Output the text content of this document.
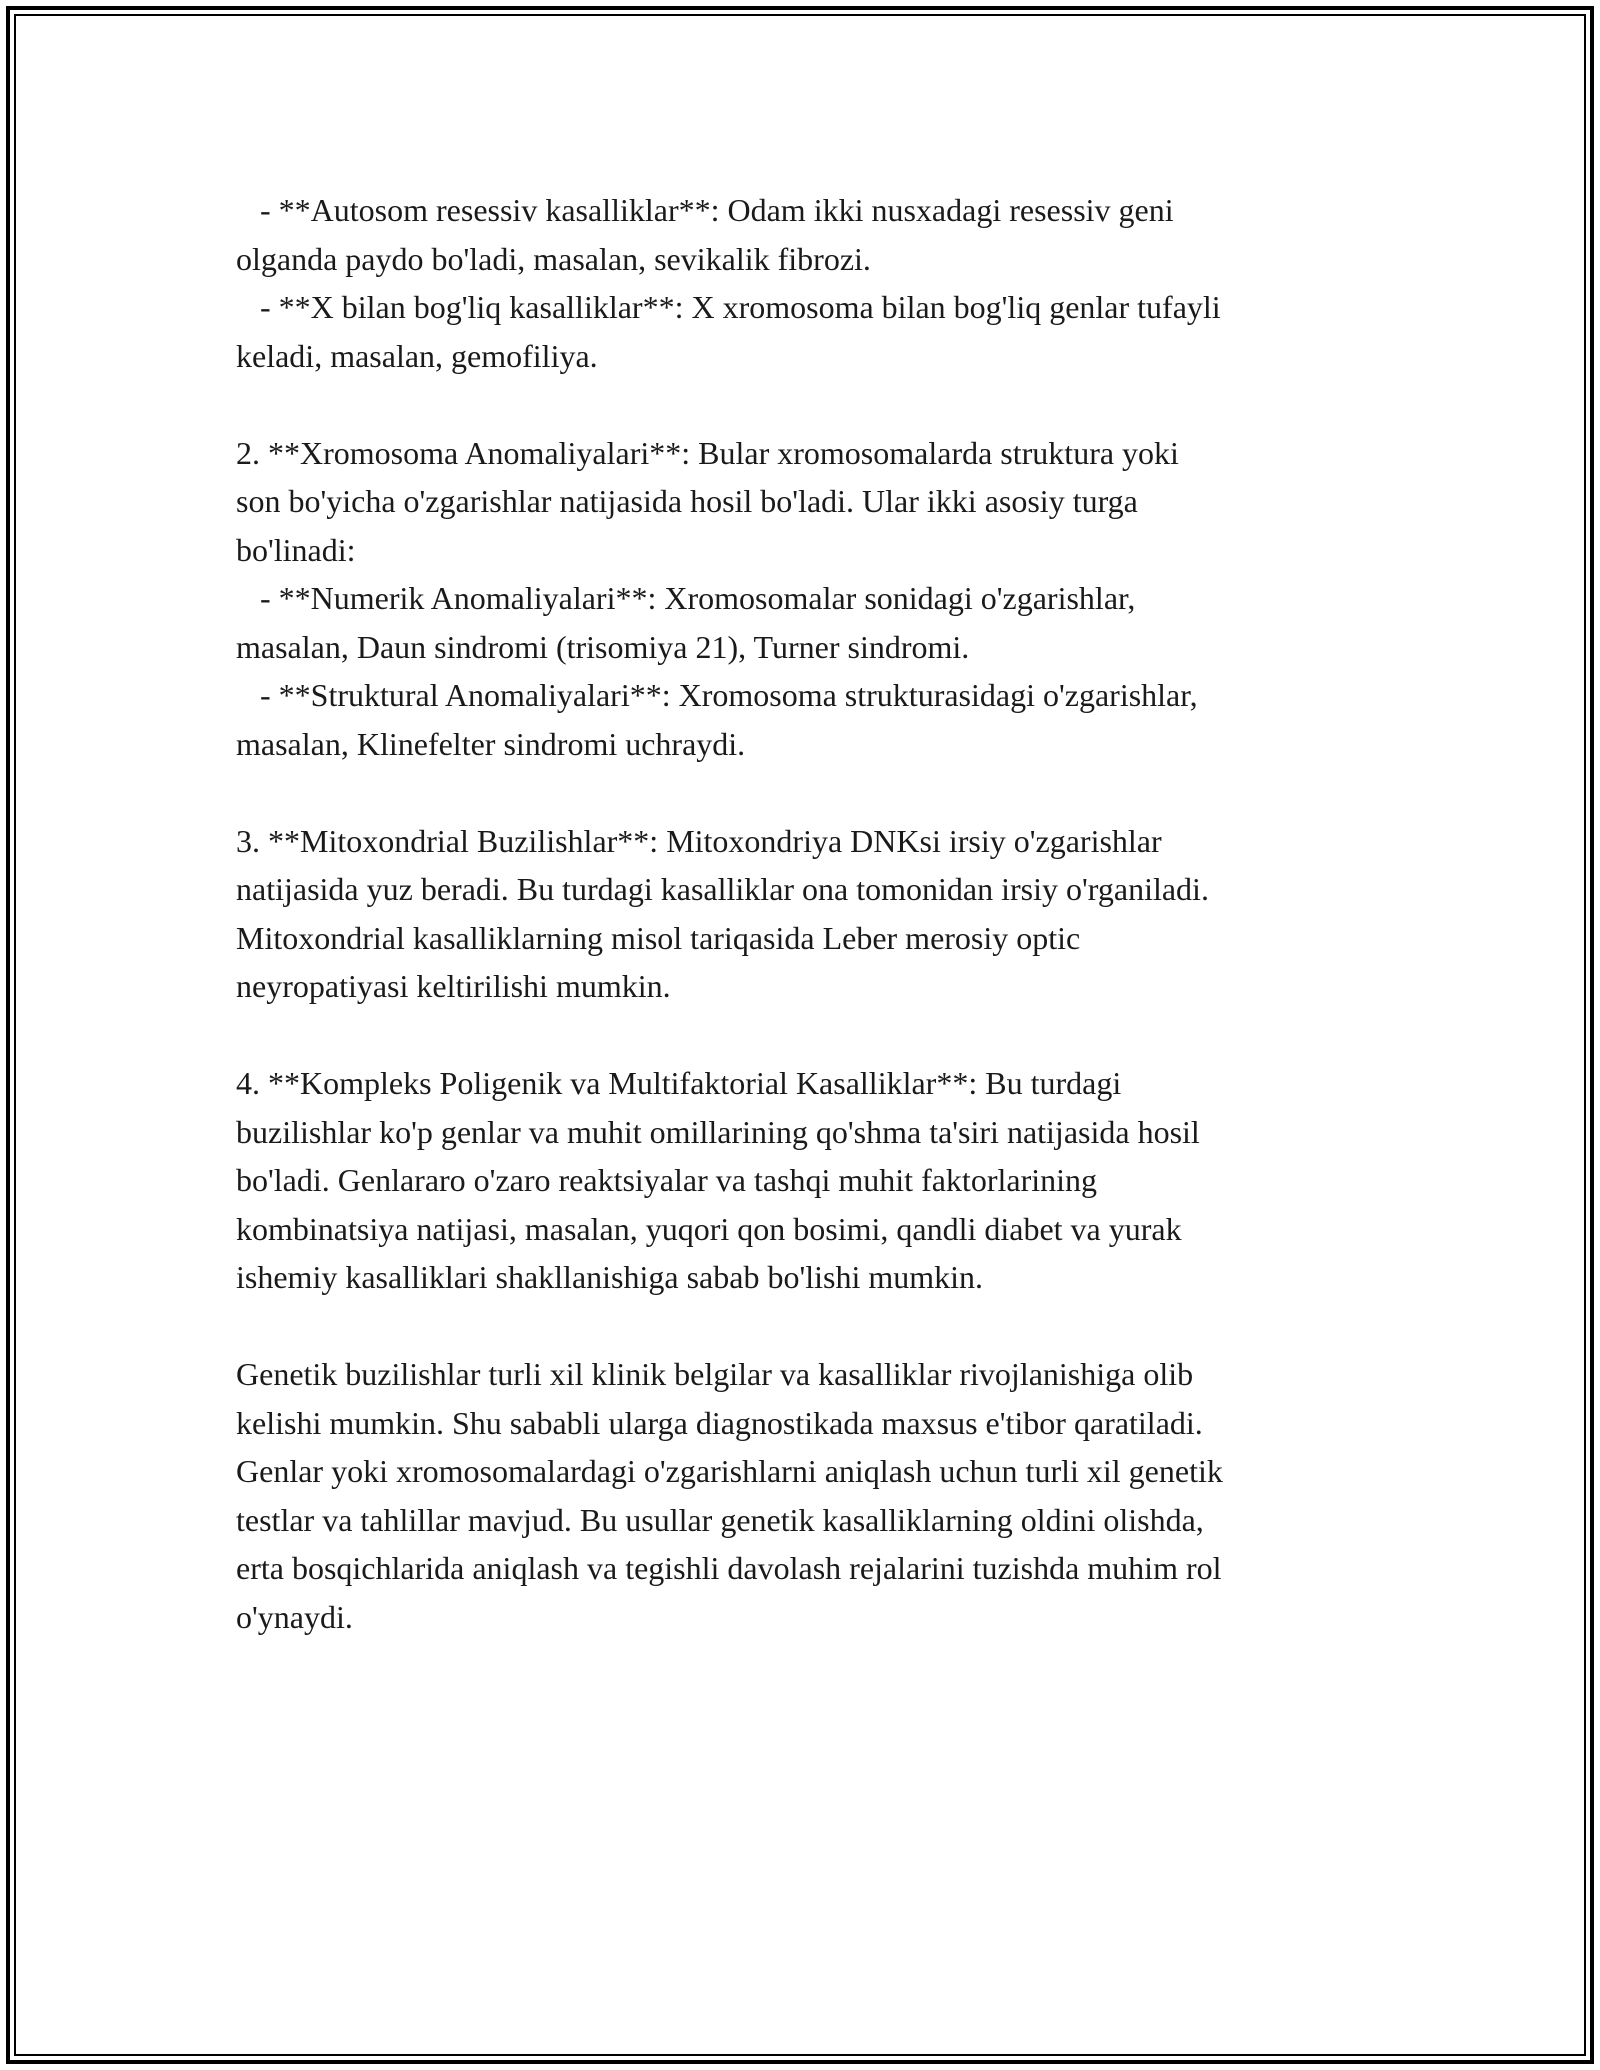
- **Autosom resessiv kasalliklar**: Odam ikki nusxadagi resessiv geni
olganda paydo bo'ladi, masalan, sevikalik fibrozi.
- **X bilan bog'liq kasalliklar**: X xromosoma bilan bog'liq genlar tufayli
keladi, masalan, gemofiliya.
2. **Xromosoma Anomaliyalari**: Bular xromosomalarda struktura yoki
son bo'yicha o'zgarishlar natijasida hosil bo'ladi. Ular ikki asosiy turga
bo'linadi:
- **Numerik Anomaliyalari**: Xromosomalar sonidagi o'zgarishlar,
masalan, Daun sindromi (trisomiya 21), Turner sindromi.
- **Struktural Anomaliyalari**: Xromosoma strukturasidagi o'zgarishlar,
masalan, Klinefelter sindromi uchraydi.
3. **Mitoxondrial Buzilishlar**: Mitoxondriya DNKsi irsiy o'zgarishlar
natijasida yuz beradi. Bu turdagi kasalliklar ona tomonidan irsiy o'rganiladi.
Mitoxondrial kasalliklarning misol tariqasida Leber merosiy optic
neyropatiyasi keltirilishi mumkin.
4. **Kompleks Poligenik va Multifaktorial Kasalliklar**: Bu turdagi
buzilishlar ko'p genlar va muhit omillarining qo'shma ta'siri natijasida hosil
bo'ladi. Genlararo o'zaro reaktsiyalar va tashqi muhit faktorlarining
kombinatsiya natijasi, masalan, yuqori qon bosimi, qandli diabet va yurak
ishemiy kasalliklari shakllanishiga sabab bo'lishi mumkin.
Genetik buzilishlar turli xil klinik belgilar va kasalliklar rivojlanishiga olib
kelishi mumkin. Shu sababli ularga diagnostikada maxsus e'tibor qaratiladi.
Genlar yoki xromosomalardagi o'zgarishlarni aniqlash uchun turli xil genetik
testlar va tahlillar mavjud. Bu usullar genetik kasalliklarning oldini olishda,
erta bosqichlarida aniqlash va tegishli davolash rejalarini tuzishda muhim rol
o'ynaydi.
